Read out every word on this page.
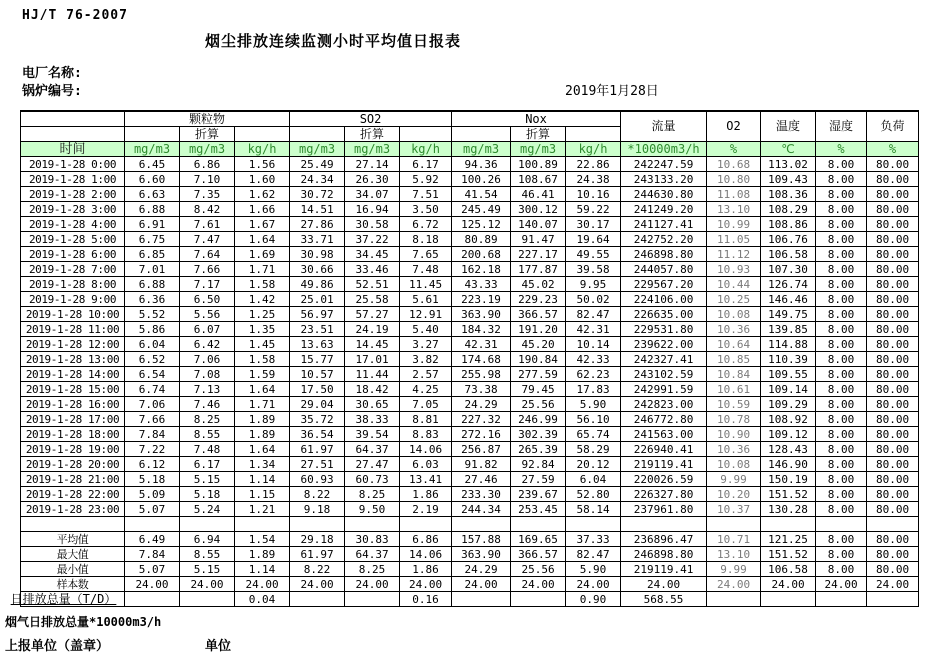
HJ/T 76-2007
烟尘排放连续监测小时平均值日报表
电厂名称:
锅炉编号:	2019年1月28日
	颗粒物			SO2			Nox			流量	O2	温度	湿度	负荷
		折算			折算			折算						
时间	mg/m3	mg/m3	kg/h	mg/m3	mg/m3	kg/h	mg/m3	mg/m3	kg/h	*10000m3/h	%	℃	%	%
2019-1-28 0:00	6.45	6.86	1.56	25.49	27.14	6.17	94.36	100.89	22.86	242247.59	10.68	113.02	8.00	80.00
2019-1-28 1:00	6.60	7.10	1.60	24.34	26.30	5.92	100.26	108.67	24.38	243133.20	10.80	109.43	8.00	80.00
2019-1-28 2:00	6.63	7.35	1.62	30.72	34.07	7.51	41.54	46.41	10.16	244630.80	11.08	108.36	8.00	80.00
2019-1-28 3:00	6.88	8.42	1.66	14.51	16.94	3.50	245.49	300.12	59.22	241249.20	13.10	108.29	8.00	80.00
2019-1-28 4:00	6.91	7.61	1.67	27.86	30.58	6.72	125.12	140.07	30.17	241127.41	10.99	108.86	8.00	80.00
2019-1-28 5:00	6.75	7.47	1.64	33.71	37.22	8.18	80.89	91.47	19.64	242752.20	11.05	106.76	8.00	80.00
2019-1-28 6:00	6.85	7.64	1.69	30.98	34.45	7.65	200.68	227.17	49.55	246898.80	11.12	106.58	8.00	80.00
2019-1-28 7:00	7.01	7.66	1.71	30.66	33.46	7.48	162.18	177.87	39.58	244057.80	10.93	107.30	8.00	80.00
2019-1-28 8:00	6.88	7.17	1.58	49.86	52.51	11.45	43.33	45.02	9.95	229567.20	10.44	126.74	8.00	80.00
2019-1-28 9:00	6.36	6.50	1.42	25.01	25.58	5.61	223.19	229.23	50.02	224106.00	10.25	146.46	8.00	80.00
2019-1-28 10:00	5.52	5.56	1.25	56.97	57.27	12.91	363.90	366.57	82.47	226635.00	10.08	149.75	8.00	80.00
2019-1-28 11:00	5.86	6.07	1.35	23.51	24.19	5.40	184.32	191.20	42.31	229531.80	10.36	139.85	8.00	80.00
2019-1-28 12:00	6.04	6.42	1.45	13.63	14.45	3.27	42.31	45.20	10.14	239622.00	10.64	114.88	8.00	80.00
2019-1-28 13:00	6.52	7.06	1.58	15.77	17.01	3.82	174.68	190.84	42.33	242327.41	10.85	110.39	8.00	80.00
2019-1-28 14:00	6.54	7.08	1.59	10.57	11.44	2.57	255.98	277.59	62.23	243102.59	10.84	109.55	8.00	80.00
2019-1-28 15:00	6.74	7.13	1.64	17.50	18.42	4.25	73.38	79.45	17.83	242991.59	10.61	109.14	8.00	80.00
2019-1-28 16:00	7.06	7.46	1.71	29.04	30.65	7.05	24.29	25.56	5.90	242823.00	10.59	109.29	8.00	80.00
2019-1-28 17:00	7.66	8.25	1.89	35.72	38.33	8.81	227.32	246.99	56.10	246772.80	10.78	108.92	8.00	80.00
2019-1-28 18:00	7.84	8.55	1.89	36.54	39.54	8.83	272.16	302.39	65.74	241563.00	10.90	109.12	8.00	80.00
2019-1-28 19:00	7.22	7.48	1.64	61.97	64.37	14.06	256.87	265.39	58.29	226940.41	10.36	128.43	8.00	80.00
2019-1-28 20:00	6.12	6.17	1.34	27.51	27.47	6.03	91.82	92.84	20.12	219119.41	10.08	146.90	8.00	80.00
2019-1-28 21:00	5.18	5.15	1.14	60.93	60.73	13.41	27.46	27.59	6.04	220026.59	9.99	150.19	8.00	80.00
2019-1-28 22:00	5.09	5.18	1.15	8.22	8.25	1.86	233.30	239.67	52.80	226327.80	10.20	151.52	8.00	80.00
2019-1-28 23:00	5.07	5.24	1.21	9.18	9.50	2.19	244.34	253.45	58.14	237961.80	10.37	130.28	8.00	80.00

平均值	6.49	6.94	1.54	29.18	30.83	6.86	157.88	169.65	37.33	236896.47	10.71	121.25	8.00	80.00
最大值	7.84	8.55	1.89	61.97	64.37	14.06	363.90	366.57	82.47	246898.80	13.10	151.52	8.00	80.00
最小值	5.07	5.15	1.14	8.22	8.25	1.86	24.29	25.56	5.90	219119.41	9.99	106.58	8.00	80.00
样本数	24.00	24.00	24.00	24.00	24.00	24.00	24.00	24.00	24.00	24.00	24.00	24.00	24.00	24.00
日排放总量（T/D）			0.04			0.16			0.90	568.55				
烟气日排放总量*10000m3/h
上报单位（盖章）	单位
